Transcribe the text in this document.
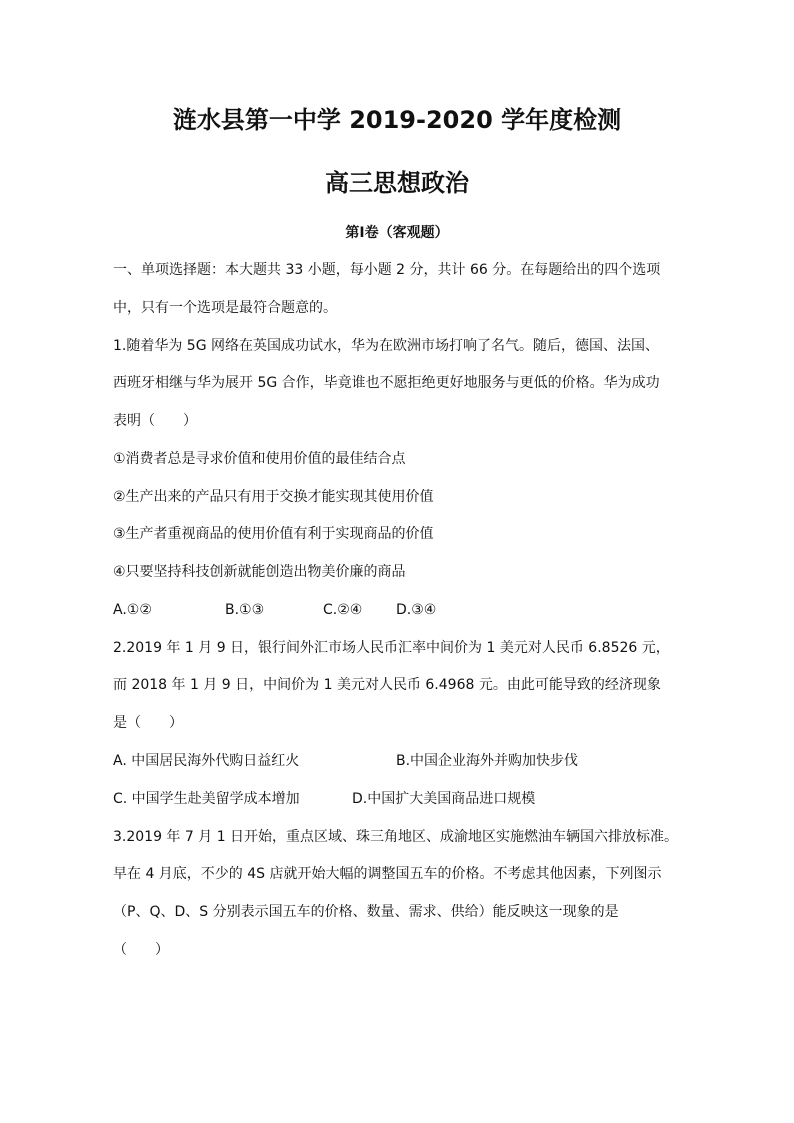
涟水县第一中学 2019-2020 学年度检测
高三思想政治
第Ⅰ卷（客观题）
一、单项选择题：本大题共 33 小题，每小题 2 分，共计 66 分。在每题给出的四个选项
中，只有一个选项是最符合题意的。
1.随着华为 5G 网络在英国成功试水，华为在欧洲市场打响了名气。随后，德国、法国、
西班牙相继与华为展开 5G 合作，毕竟谁也不愿拒绝更好地服务与更低的价格。华为成功
表明（　　）
①消费者总是寻求价值和使用价值的最佳结合点
②生产出来的产品只有用于交换才能实现其使用价值
③生产者重视商品的使用价值有利于实现商品的价值
④只要坚持科技创新就能创造出物美价廉的商品
A.①②	B.①③	C.②④ D.③④
2.2019 年 1 月 9 日，银行间外汇市场人民币汇率中间价为 1 美元对人民币 6.8526 元，
而 2018 年 1 月 9 日，中间价为 1 美元对人民币 6.4968 元。由此可能导致的经济现象
是（　　）
A. 中国居民海外代购日益红火	B.中国企业海外并购加快步伐
C. 中国学生赴美留学成本增加	D.中国扩大美国商品进口规模
3.2019 年 7 月 1 日开始，重点区域、珠三角地区、成渝地区实施燃油车辆国六排放标准。
早在 4 月底，不少的 4S 店就开始大幅的调整国五车的价格。不考虑其他因素，下列图示
（P、Q、D、S 分别表示国五车的价格、数量、需求、供给）能反映这一现象的是
（　　）
